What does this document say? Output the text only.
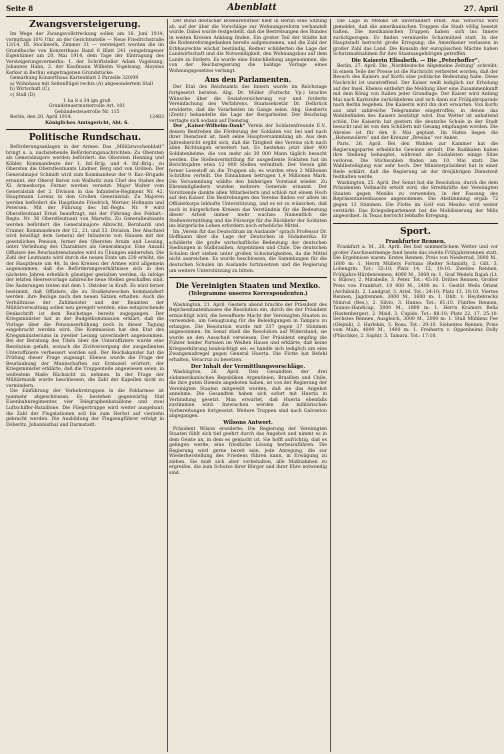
Seite 8	Abenblatt	27. April
Zwangsversteigerung.

Im Wege der Zwangsvollstreckung sollen am 16. Juni 1914, vormittags 10½ Uhr, an der Gerichtsstelle — Neue Friedrichstraße 13/14, III. Stockwerk, Zimmer 31 — versteigert werden die im Grundbuche von Konzerthaus Band 6 Blatt 241 (eingetragener Eigentümer am 20. Mai 1914, dem Tage der Eintragung des Versteigerungsvermerks: 1. der Schriftsteller Adam Vogelsang, Johannes Hahn, 2. der Kaufmann Wilhelm Vogelsang, Aloysius Kerker in Berlin) eingetragenen Grundstücke:

Gemarkung Konzerthaus Kartenblatt 2 Parzelle 320/99

a) Wohnhaus mit Seitenflügel rechts (A) abgesondertem Stall

b) Wirtschaft (C),

c) Stall (D)

1 ha 8 a 34 qm groß

Grundsteuermutterrolle Art. 101

Gebäudesteuerrolle Nr. 115

Berlin, den 20. April 1914.	12483

Königliches Amtsgericht, Abt. 6.

Politische Rundschau.

Beförderungsanlagen in der Armee. Das „Militärwochenblatt“ bringt u. a. nachstehende Beförderungsnachrichten: Zu Obersten als Generalmajore werden befördert: die Obersten Henning und Köhler, Kommandeure der 1. Inf.-Brig. und 4. Inf.-Brig.; zu Obersten die Oberstleutnants Lindner, Berg und von Gröben. Der Generalmajor Schmidt wird zum Kommandeur der 9. Kav.-Brigade ernannt, der Oberst Baron von Wallwitz zum Chef des Stabes des XI. Armeekorps. Ferner werden versetzt: Major Walter vom Generalstab der 2. Division in das Infanterie-Regiment Nr. 42, Hauptmann Lorenz in den Großen Generalstab. Zu Majoren werden befördert die Hauptleute Friedrich, Werner, Hofmann und Petersen. Mit der Führung des Inf.-Regts. Nr. 9 wird Oberstleutnant Ernst beauftragt, mit der Führung des Feldart.-Regts. Nr. 36 Oberstleutnant von Marwitz. Zu Generalleutnants werden befördert die Generalmajore Albrecht, Bernhardi und Cramer, Kommandeure der 12., 21. und 33. Division. Der Abschied wird bewilligt dem General der Infanterie von Hausen mit der gesetzlichen Pension, ferner den Obersten Arnim und Lessing, unter Verleihung des Charakters als Generalmajor. Eine Anzahl Offiziere des Beurlaubtenstandes wird zu Übungen einberufen. Die Zahl der Leutnants wird durch die neuen Etats um 230 erhöht, die der Hauptleute um 48. In den Kreisen der Armee wird allgemein angenommen, daß die Beförderungsverhältnisse sich in den nächsten Jahren erheblich günstiger gestalten werden, da infolge der letzten Heeresvorlage zahlreiche neue Stellen geschaffen sind. Die Änderungen treten mit dem 1. Oktober in Kraft. Es wird ferner bestimmt, daß Offiziere, die zu Studienzwecken kommandiert werden, ihre Bezüge nach den neuen Sätzen erhalten. Auch die Verhältnisse der Zahlmeister und der Beamten der Militärverwaltung sollen neu geregelt werden; eine entsprechende Denkschrift ist dem Reichstage bereits zugegangen. Der Kriegsminister hat in der Budgetkommission erklärt, daß die Vorlage über die Pensionserhöhung noch in dieser Tagung eingebracht werden wird. Die Kommission hat den Etat des Kriegsministeriums in zweiter Lesung unverändert angenommen. Bei der Beratung des Titels über die Unteroffiziere wurde eine Resolution gefaßt, wonach die Zivilversorgung der ausgedienten Unteroffiziere verbessert werden soll. Der Reichskanzler hat die Prüfung dieser Frage zugesagt. Ebenso wurde die Frage der Beurlaubung der Mannschaften zur Erntezeit erörtert; der Kriegsminister erklärte, daß die Truppenteile angewiesen seien, in weitestem Maße Rücksicht zu nehmen. In der Frage der Militärmusik wurde beschlossen, die Zahl der Kapellen nicht zu vermindern.

Die Einführung der Verkehrstruppen in die Feldarmee ist nunmehr abgeschlossen. Es bestehen gegenwärtig fünf Eisenbahnregimenter, vier Telegraphenbataillone und zwei Luftschiffer-Bataillone. Die Fliegertruppe wird weiter ausgebaut; die Zahl der Flugstationen soll bis zum Herbst auf vierzehn gebracht werden. Die Ausbildung der Flugzeugführer erfolgt in Döberitz, Johannisthal und Darmstadt.

Der Bund deutscher Bodenreformer hielt in Berlin eine Sitzung ab, auf der über die Vorschläge zur Wohnungsreform verhandelt wurde. Dabei wurde festgestellt, daß die Bestrebungen des Bundes in weiten Kreisen Anklang finden. Ein großer Teil der Städte hat die Bodenreformgedanken bereits aufgenommen, und die Zahl der Erbbaurechte wächst beständig. Redner schilderten die Lage der Landwirtschaft und die Notwendigkeit, den Wohnungsbau auf dem Lande zu fördern. Es wurde eine Entschließung angenommen, die von der Reichsregierung die baldige Vorlage eines Wohnungsgesetzes verlangt.

Aus den Parlamenten.

Der Etat des Reichsamts des Innern wurde im Reichstage fortgesetzt beraten. Abg. Dr. Müller (Fortschr. Vp.) brachte Wünsche über die Sozialversicherung vor und forderte Vereinfachung des Verfahrens. Staatssekretär Dr. Delbrück erwiderte, daß die Vorarbeiten im Gange seien. Abg. Giesberts (Zentr.) behandelte die Lage der Bergarbeiter. Der Reichstag vertagte sich sodann auf Dienstag.

Der „Kaiser-Wilhelm-Dank“ Verein der Soldatenfreunde E.V., dessen Bestreben die Förderung der Soldaten vor, bei und nach ihrer Dienstzeit ist, hielt seine Hauptversammlung ab. Aus dem Jahresbericht ergibt sich, daß die Tätigkeit des Vereins sich nach allen Richtungen erweitert hat. Es bestehen jetzt über 400 Soldatenheime, die von mehr als 30 000 Mann täglich besucht werden. Die Stellenvermittlung für ausgediente Soldaten hat im Berichtsjahre etwa 12 000 Stellen vermittelt. Der Verein gibt ferner Lesestoff an die Truppen ab; es wurden etwa 2 Millionen Schriften verteilt. Die Einnahmen betrugen 1,4 Millionen Mark. Die Versammlung wählte den bisherigen Vorstand wieder. Zu Ehrenmitgliedern wurden mehrere Generale ernannt. Der Vorsitzende dankte allen Mitarbeitern und schloß mit einem Hoch auf den Kaiser. Die Bestrebungen des Vereins finden vor allem im Offizierkorps lebhafte Unterstützung, und es ist zu wünschen, daß auch in bürgerlichen Kreisen das Verständnis für die Bedeutung dieser Arbeit immer mehr wachse. Namentlich die Stellenvermittlung und die Fürsorge für die Rückkehr der Soldaten ins bürgerliche Leben erfordern noch erhebliche Mittel.

Im „Verein für das Deutschtum im Auslande“ sprach Professor Dr. Hoffmann über die Lage der Deutschen in Südamerika. Er schilderte die große wirtschaftliche Bedeutung der deutschen Siedlungen in Südbrasilien, Argentinien und Chile. Die deutschen Schulen dort stehen unter großen Schwierigkeiten, da die Mittel nicht ausreichen. Es wurde beschlossen, die Sammlungen für die deutschen Schulen im Auslande fortzusetzen und die Regierung um weitere Unterstützung zu bitten.

Die Vereinigten Staaten und Mexiko.
(Telegramme unseres Korrespondenten.)

Washington, 21. April. Gestern abend brachte der Präsident des Repräsentantenhauses die Resolution ein, durch die der Präsident ermächtigt wird, die bewaffnete Macht der Vereinigten Staaten zu verwenden, um Genugtuung für die Beleidigungen in Tampico zu erlangen. Die Resolution wurde mit 337 gegen 37 Stimmen angenommen. Im Senat stieß die Resolution auf Widerstand; sie wurde an den Ausschuß verwiesen. Der Präsident empfing die Führer beider Parteien im Weißen Hause und erklärte, daß keine Kriegserklärung beabsichtigt sei; es handle sich lediglich um eine Zwangsmaßregel gegen General Huerta. Die Flotte hat Befehl erhalten, Veracruz zu besetzen.

Der Inhalt der Vermittlungsvorschläge.

Washington, 26. April. Den Gesandten der drei südamerikanischen Republiken Argentinien, Brasilien und Chile, die ihre guten Dienste angeboten haben, ist von der Regierung der Vereinigten Staaten mitgeteilt worden, daß sie das Angebot annehme. Die Gesandten haben sich sofort mit Huerta in Verbindung gesetzt. Man erwartet, daß Huerta ebenfalls zustimmen wird. Inzwischen werden die militärischen Vorbereitungen fortgesetzt. Weitere Truppen sind nach Galveston abgegangen.

Wilsons Antwort.

Präsident Wilson erwiderte: Die Regierung der Vereinigten Staaten fühlt sich tief geehrt durch das Angebot und nimmt es in dem Geiste an, in dem es gemacht ist. Sie hofft aufrichtig, daß es gelingen werde, eine friedliche Lösung herbeizuführen. Die Regierung wird gerne bereit sein, jede Anregung, die zur Wiederherstellung des Friedens führen kann, in Erwägung zu ziehen. Sie muß sich aber vorbehalten, alle Maßnahmen zu ergreifen, die zum Schutze ihrer Bürger und ihrer Ehre notwendig sind.

Die Lage in Mexiko ist unverändert ernst. Aus Veracruz wird gemeldet, daß die amerikanischen Truppen die Stadt völlig besetzt halten. Die mexikanischen Truppen haben sich ins Innere zurückgezogen. Es finden vereinzelte Scharmützel statt. In der Hauptstadt herrscht große Erregung; die Amerikaner verlassen in großer Zahl das Land. Die Konsuln der europäischen Mächte haben Schutzmaßnahmen für ihre Staatsangehörigen getroffen.

Die Kaiserin Elisabeth. — Die „Peterhoffer“.

Berlin, 27. April. Die „Norddeutsche Allgemeine Zeitung“ schreibt: In einem Teile der Presse ist die Nachricht verbreitet worden, daß der Besuch des Kaisers auf Korfu eine politische Bedeutung habe. Diese Nachricht ist unzutreffend. Der Kaiser weilt lediglich zur Erholung auf der Insel. Ebenso entbehrt die Meldung über eine Zusammenkunft mit dem König von Italien jeder Grundlage. Der Kaiser wird Anfang Mai nach Karlsruhe zurückkehren und sich dann zur Frühjahrsparade nach Berlin begeben. Die Kaiserin wird ihn dort erwarten. Von Korfu aus sind zahlreiche Telegramme eingetroffen, in denen das Wohlbefinden des Kaisers bestätigt wird. Das Wetter ist anhaltend schön. Die Kaiserin hat gestern die deutsche Schule in der Stadt besucht und ist von den Schülern mit Gesang empfangen worden. Die Abreise ist für den 8. Mai geplant. Im Hafen liegen die „Hohenzollern“ und der Kreuzer „Breslau“ vor Anker.

Paris, 26. April. Bei den Wahlen zur Kammer hat die Regierungspartei erhebliche Gewinne erzielt. Die Radikalen haben ihre Stellung behauptet, während die Sozialisten einige Sitze verloren. Die Stichwahlen finden am 10. Mai statt. Die Wahlbeteiligung war sehr hoch. Der Ministerpräsident hat in einer Rede erklärt, daß die Regierung an der dreijährigen Dienstzeit festhalten werde.

Washington, 25. April. Der Senat hat die Resolution, durch die dem Präsidenten Vollmacht erteilt wird, die Streitkräfte der Vereinigten Staaten gegen Mexiko zu verwenden, in der Fassung des Repräsentantenhauses angenommen. Die Abstimmung ergab 72 gegen 13 Stimmen. Die Flotte im Golf von Mexiko wird weiter verstärkt. Das Kriegsdepartement hat die Mobilisierung der Miliz angeordnet. In Texas herrscht lebhafte Erregung.

Sport.
Frankfurter Rennen.

Frankfurt a. M., 26. April. Bei fast sommerlichem Wetter und vor großer Zuschauermenge fand heute das zweite Frühjahrsrennen statt. Die Ergebnisse waren: Erstes Rennen, Preis von Niederrad, 3000 M., 1600 m: 1. Herrn Müllers Fortuna (Reiter Schmidt), 2. Gilt, 3. Lohengrin. Tot.: 32:10; Platz 14, 12, 19:10. Zweites Rennen, Frühjahrs-Hürdenrennen, 4000 M., 3000 m: 1. Graf Wedels Rajah (Lt. v. Bülow), 2. Mirabelle, 3. Peter. Tot.: 45:10. Drittes Rennen, Großer Preis von Frankfurt, 10 000 M., 2400 m: 1. Gestüt Weils Orient (Archibald), 2. Landgraf, 3. Ariel. Tot.: 24:10; Platz 13, 18:10. Viertes Rennen, Jagdrennen, 3000 M., 3600 m: 1. Oblt. v. Heydebrecks Nimrod (Bes.), 2. Silvio, 3. Hanno. Tot.: 61:10. Fünftes Rennen, Taunus-Handicap, 5000 M., 1800 m: 1. Herrn Kramers Bella (Rastenberger), 2. Maid, 3. Cupido. Tot.: 88:10; Platz 22, 17, 25:10. Sechstes Rennen, Ausgleich, 3000 M., 2000 m: 1. Stall Mühlens Fee (Olejnik), 2. Harlekin, 3. Rosa. Tot.: 29:10. Siebentes Rennen, Preis vom Main, 4000 M., 1400 m: 1. Freiherrn v. Oppenheims Dolly (Plüschke), 2. Saphir, 3. Tamara. Tot.: 17:10.
